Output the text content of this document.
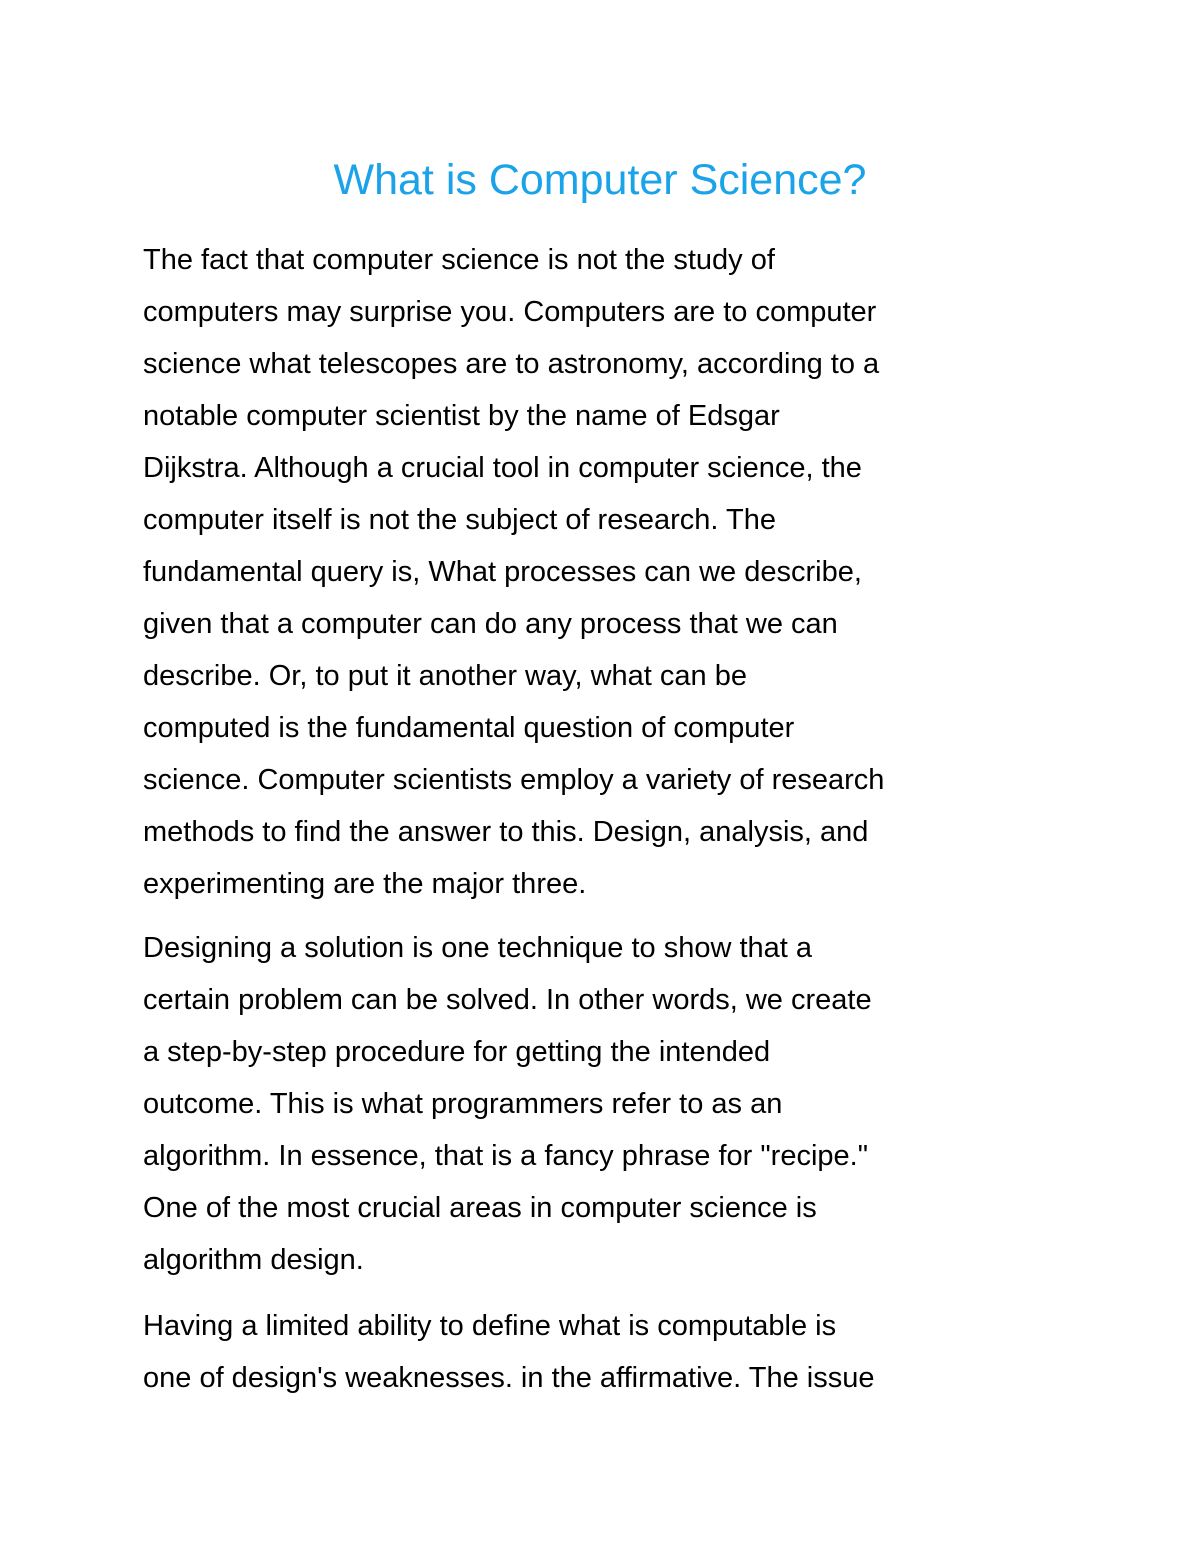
What is Computer Science?
The fact that computer science is not the study of
computers may surprise you. Computers are to computer
science what telescopes are to astronomy, according to a
notable computer scientist by the name of Edsgar
Dijkstra. Although a crucial tool in computer science, the
computer itself is not the subject of research. The
fundamental query is, What processes can we describe,
given that a computer can do any process that we can
describe. Or, to put it another way, what can be
computed is the fundamental question of computer
science. Computer scientists employ a variety of research
methods to find the answer to this. Design, analysis, and
experimenting are the major three.
Designing a solution is one technique to show that a
certain problem can be solved. In other words, we create
a step-by-step procedure for getting the intended
outcome. This is what programmers refer to as an
algorithm. In essence, that is a fancy phrase for "recipe."
One of the most crucial areas in computer science is
algorithm design.
Having a limited ability to define what is computable is
one of design's weaknesses. in the affirmative. The issue
